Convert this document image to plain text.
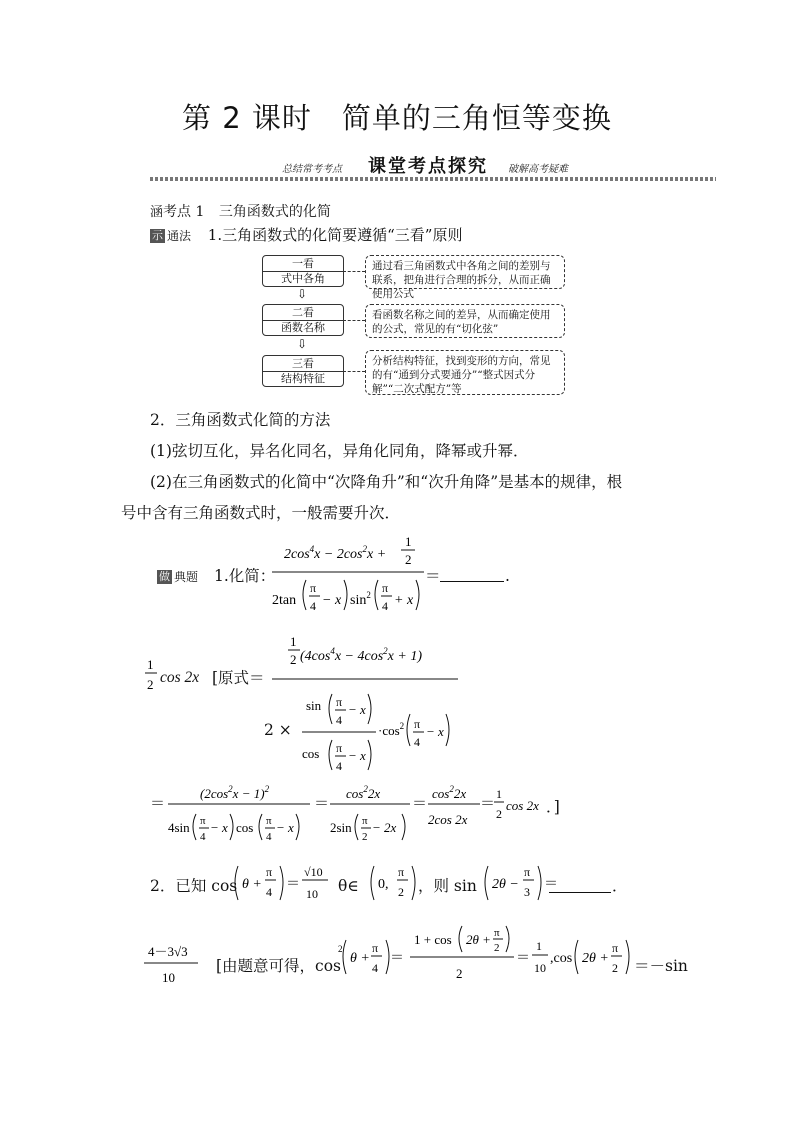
第 2 课时　简单的三角恒等变换
总结常考考点 课堂考点探究 破解高考疑难
涵考点 1 三角函数式的化简
示 通法 1.三角函数式的化简要遵循“三看”原则
一看
式中各角
通过看三角函数式中各角之间的差别与联系，把角进行合理的拆分，从而正确使用公式
⇩
二看
函数名称
看函数名称之间的差异，从而确定使用的公式，常见的有“切化弦”
⇩
三看
结构特征
分析结构特征，找到变形的方向，常见的有“通到分式要通分”“整式因式分解”“二次式配方”等
2．三角函数式化简的方法
(1)弦切互化，异名化同名，异角化同角，降幂或升幂．
(2)在三角函数式的化简中“次降角升”和“次升角降”是基本的规律，根
号中含有三角函数式时，一般需要升次．
做 典题 1.化简：
$2\cos^4x - 2\cos^2x$ +
1
2
2tan
π
4 − x $\sin^2 \pi$
4 + x
＝	.
1
2 cos 2x [原式＝
1
2 $(4\cos^4x - 4\cos^2x + 1)$
sin π
4
− x
cos π
4
− x
$\cdot\cos^2$ π
4
− x
2 ×
＝
$(2\cos^2x - 1)^2$
4sin π
4
− x cos π
4
− x
＝
$\cos^22x$
2sin π
2
− 2x
＝
$\cos^22x$
2cos 2x
＝
1
2
cos 2x ．]
2．已知 cos θ +
π
4 ＝
√10
10 θ∈ 0,
π
2 ，则 sin 2θ −
π
3 ＝	．
4－3√3
10
[由题意可得，cos
2
θ +
π
4
＝
1 + cos 2θ + π
2
2
＝
1
10
,cos 2θ +
π
2 ＝－sin
